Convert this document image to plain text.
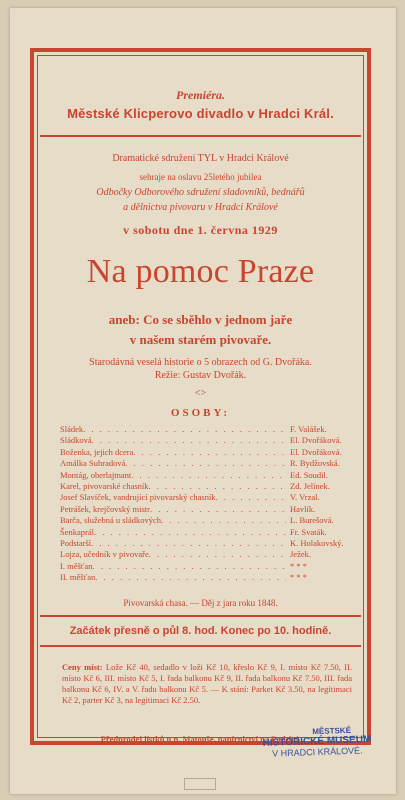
Premiéra.
Městské Klicperovo divadlo v Hradci Král.
Dramatické sdružení TYL v Hradci Králové
sehraje na oslavu 25letého jubilea
Odbočky Odborového sdružení sladovníků, bednářů
a dělnictva pivovaru v Hradci Králové
v sobotu dne 1. června 1929
Na pomoc Praze
aneb: Co se sběhlo v jednom jaře
v našem starém pivovaře.
Starodávná veselá historie o 5 obrazech od G. Dvořáka.
Režie: Gustav Dvořák.
<>
OSOBY:
Sládek . . .	F. Valášek.
Sládková . . .	El. Dvořáková.
Boženka, jejich dcera . . .	El. Dvořáková.
Amálka Suhradová . . .	R. Bydžovská.
Montág, oberlajtnant . . .	Ed. Soudil.
Karel, pivovarské chasník . . .	Zd. Jelínek.
Josef Slavíček, vandrující pivovarský chasník . . .	V. Vrzal.
Petrášek, krejčovský mistr . . .	Havlík.
Barča, služebná u sládkových . . .	L. Burešová.
Šenkaprál . . .	Fr. Svaták.
Podstarší . . .	K. Holakovský.
Lojza, učedník v pivovaře . . .	Ježek.
I. měšťan . . .	* * *
II. měšťan . . .	* * *
Pivovarská chasa. — Děj z jara roku 1848.
Začátek přesně o půl 8. hod. Konec po 10. hodině.
Ceny míst: Lože Kč 40, sedadlo v loži Kč 10, křeslo Kč 9, I. místo Kč 7.50, II. místo Kč 6, III. místo Kč 5, I. řada balkonu Kč 9, II. řada balkonu Kč 7.50, III. řada balkonu Kč 6, IV. a V. řadu balkonu Kč 5. — K stání: Parket Kč 3.50, na legitimaci Kč 2, parter Kč 3, na legitimaci Kč 2.50.
Předprodej lístků u p. Matouše, papírnictví na Podsíní.
MĚSTSKÉ
HISTORICKÉ MUSEUM
V HRADCI KRÁLOVÉ.
